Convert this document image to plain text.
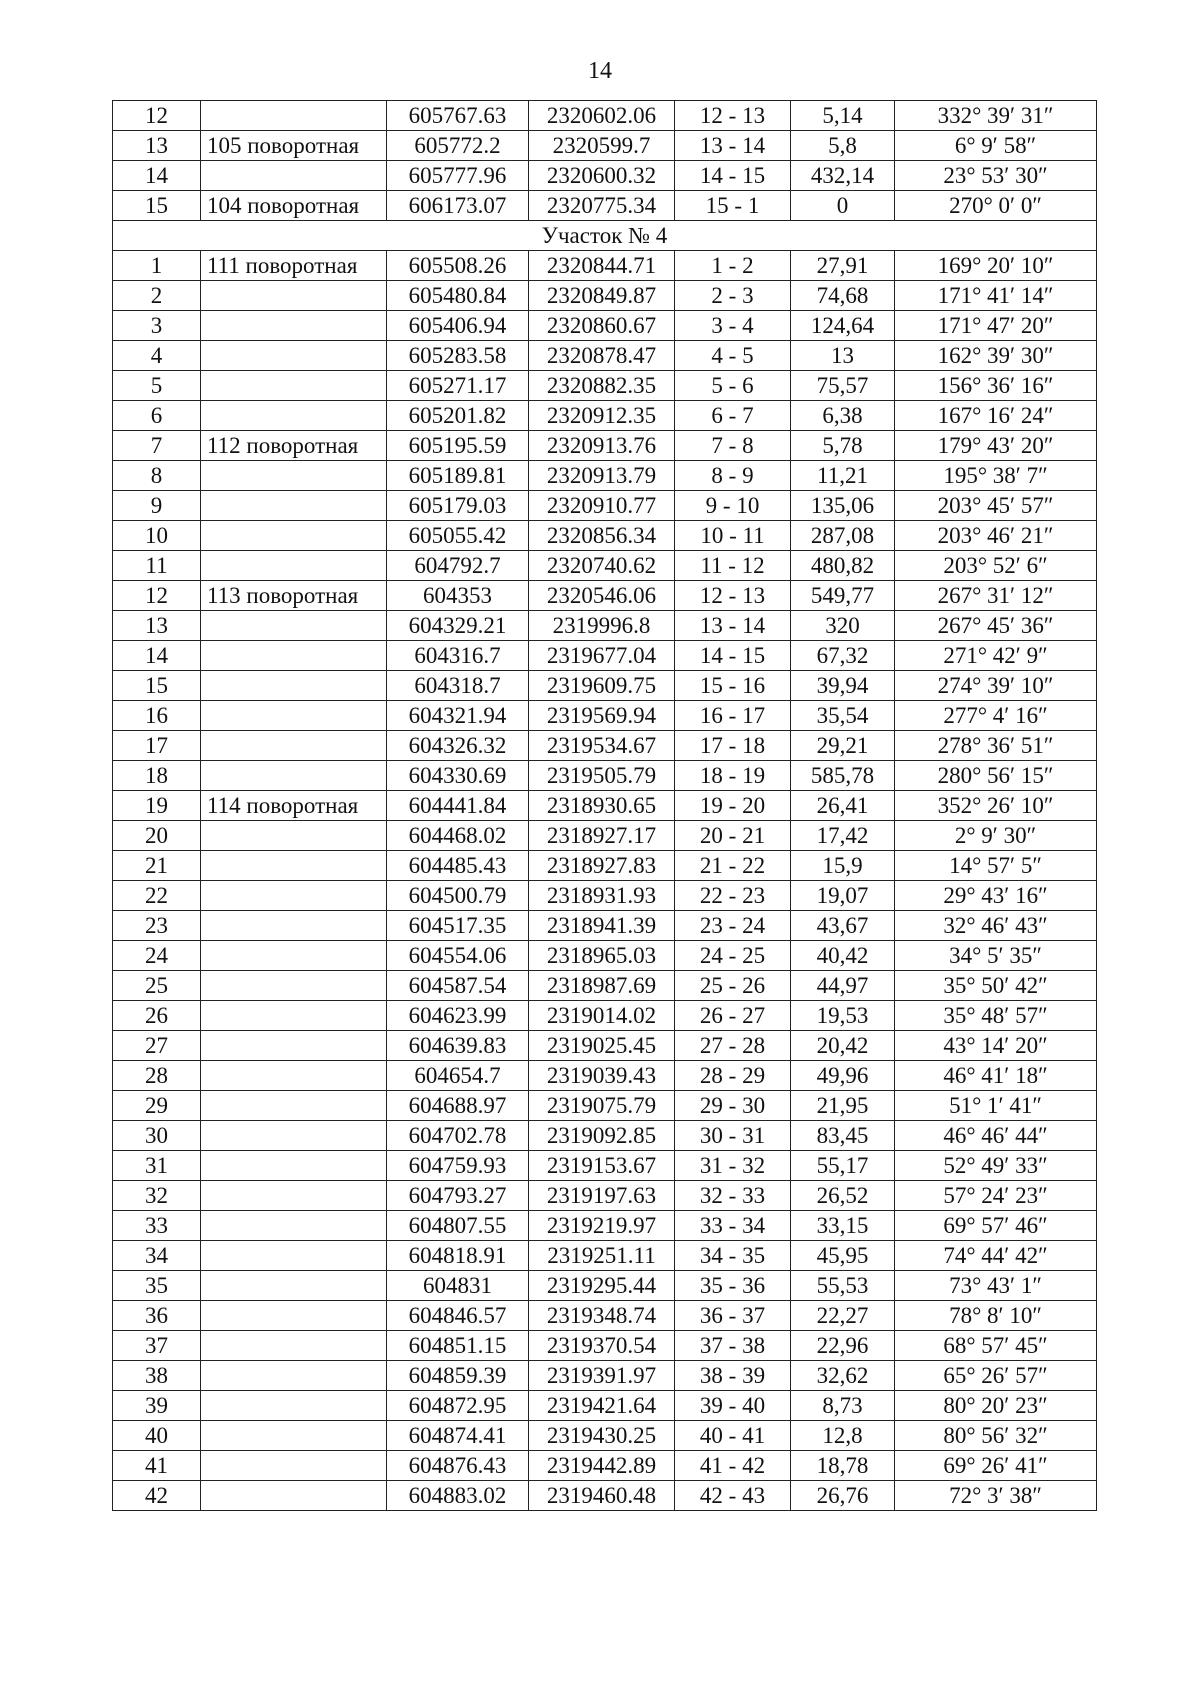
14
12		605767.63	2320602.06	12 - 13	5,14	332° 39′ 31″
13	105 поворотная	605772.2	2320599.7	13 - 14	5,8	6° 9′ 58″
14		605777.96	2320600.32	14 - 15	432,14	23° 53′ 30″
15	104 поворотная	606173.07	2320775.34	15 - 1	0	270° 0′ 0″
Участок № 4						
1	111 поворотная	605508.26	2320844.71	1 - 2	27,91	169° 20′ 10″
2		605480.84	2320849.87	2 - 3	74,68	171° 41′ 14″
3		605406.94	2320860.67	3 - 4	124,64	171° 47′ 20″
4		605283.58	2320878.47	4 - 5	13	162° 39′ 30″
5		605271.17	2320882.35	5 - 6	75,57	156° 36′ 16″
6		605201.82	2320912.35	6 - 7	6,38	167° 16′ 24″
7	112 поворотная	605195.59	2320913.76	7 - 8	5,78	179° 43′ 20″
8		605189.81	2320913.79	8 - 9	11,21	195° 38′ 7″
9		605179.03	2320910.77	9 - 10	135,06	203° 45′ 57″
10		605055.42	2320856.34	10 - 11	287,08	203° 46′ 21″
11		604792.7	2320740.62	11 - 12	480,82	203° 52′ 6″
12	113 поворотная	604353	2320546.06	12 - 13	549,77	267° 31′ 12″
13		604329.21	2319996.8	13 - 14	320	267° 45′ 36″
14		604316.7	2319677.04	14 - 15	67,32	271° 42′ 9″
15		604318.7	2319609.75	15 - 16	39,94	274° 39′ 10″
16		604321.94	2319569.94	16 - 17	35,54	277° 4′ 16″
17		604326.32	2319534.67	17 - 18	29,21	278° 36′ 51″
18		604330.69	2319505.79	18 - 19	585,78	280° 56′ 15″
19	114 поворотная	604441.84	2318930.65	19 - 20	26,41	352° 26′ 10″
20		604468.02	2318927.17	20 - 21	17,42	2° 9′ 30″
21		604485.43	2318927.83	21 - 22	15,9	14° 57′ 5″
22		604500.79	2318931.93	22 - 23	19,07	29° 43′ 16″
23		604517.35	2318941.39	23 - 24	43,67	32° 46′ 43″
24		604554.06	2318965.03	24 - 25	40,42	34° 5′ 35″
25		604587.54	2318987.69	25 - 26	44,97	35° 50′ 42″
26		604623.99	2319014.02	26 - 27	19,53	35° 48′ 57″
27		604639.83	2319025.45	27 - 28	20,42	43° 14′ 20″
28		604654.7	2319039.43	28 - 29	49,96	46° 41′ 18″
29		604688.97	2319075.79	29 - 30	21,95	51° 1′ 41″
30		604702.78	2319092.85	30 - 31	83,45	46° 46′ 44″
31		604759.93	2319153.67	31 - 32	55,17	52° 49′ 33″
32		604793.27	2319197.63	32 - 33	26,52	57° 24′ 23″
33		604807.55	2319219.97	33 - 34	33,15	69° 57′ 46″
34		604818.91	2319251.11	34 - 35	45,95	74° 44′ 42″
35		604831	2319295.44	35 - 36	55,53	73° 43′ 1″
36		604846.57	2319348.74	36 - 37	22,27	78° 8′ 10″
37		604851.15	2319370.54	37 - 38	22,96	68° 57′ 45″
38		604859.39	2319391.97	38 - 39	32,62	65° 26′ 57″
39		604872.95	2319421.64	39 - 40	8,73	80° 20′ 23″
40		604874.41	2319430.25	40 - 41	12,8	80° 56′ 32″
41		604876.43	2319442.89	41 - 42	18,78	69° 26′ 41″
42		604883.02	2319460.48	42 - 43	26,76	72° 3′ 38″
